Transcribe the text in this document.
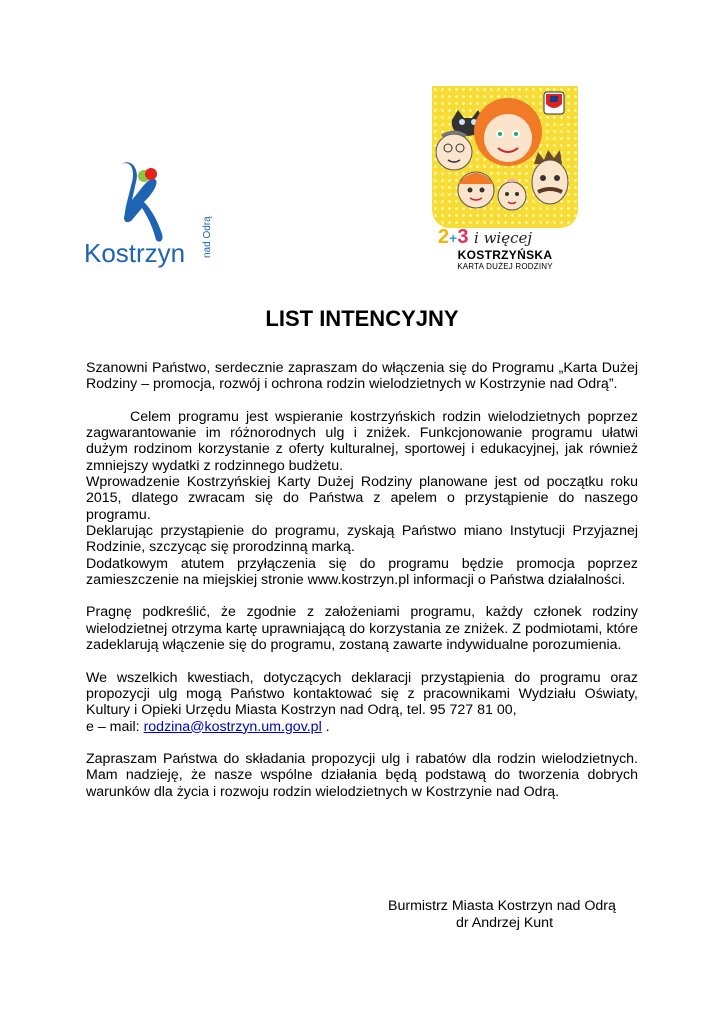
Kostrzyn nad Odrą	2+3 i więcej
KOSTRZYŃSKA
KARTA DUŻEJ RODZINY
LIST INTENCYJNY

Szanowni Państwo, serdecznie zapraszam do włączenia się do Programu „Karta Dużej Rodziny – promocja, rozwój i ochrona rodzin wielodzietnych w Kostrzynie nad Odrą”.

Celem programu jest wspieranie kostrzyńskich rodzin wielodzietnych poprzez zagwarantowanie im różnorodnych ulg i zniżek. Funkcjonowanie programu ułatwi dużym rodzinom korzystanie z oferty kulturalnej, sportowej i edukacyjnej, jak również zmniejszy wydatki z rodzinnego budżetu.

Wprowadzenie Kostrzyńskiej Karty Dużej Rodziny planowane jest od początku roku 2015, dlatego zwracam się do Państwa z apelem o przystąpienie do naszego programu.

Deklarując przystąpienie do programu, zyskają Państwo miano Instytucji Przyjaznej Rodzinie, szczycąc się prorodzinną marką.

Dodatkowym atutem przyłączenia się do programu będzie promocja poprzez zamieszczenie na miejskiej stronie www.kostrzyn.pl informacji o Państwa działalności.

Pragnę podkreślić, że zgodnie z założeniami programu, każdy członek rodziny wielodzietnej otrzyma kartę uprawniającą do korzystania ze zniżek. Z podmiotami, które zadeklarują włączenie się do programu, zostaną zawarte indywidualne porozumienia.

We wszelkich kwestiach, dotyczących deklaracji przystąpienia do programu oraz propozycji ulg mogą Państwo kontaktować się z pracownikami Wydziału Oświaty, Kultury i Opieki Urzędu Miasta Kostrzyn nad Odrą, tel. 95 727 81 00,

e – mail: rodzina@kostrzyn.um.gov.pl .

Zapraszam Państwa do składania propozycji ulg i rabatów dla rodzin wielodzietnych. Mam nadzieję, że nasze wspólne działania będą podstawą do tworzenia dobrych warunków dla życia i rozwoju rodzin wielodzietnych w Kostrzynie nad Odrą.

Burmistrz Miasta Kostrzyn nad Odrą
dr Andrzej Kunt
